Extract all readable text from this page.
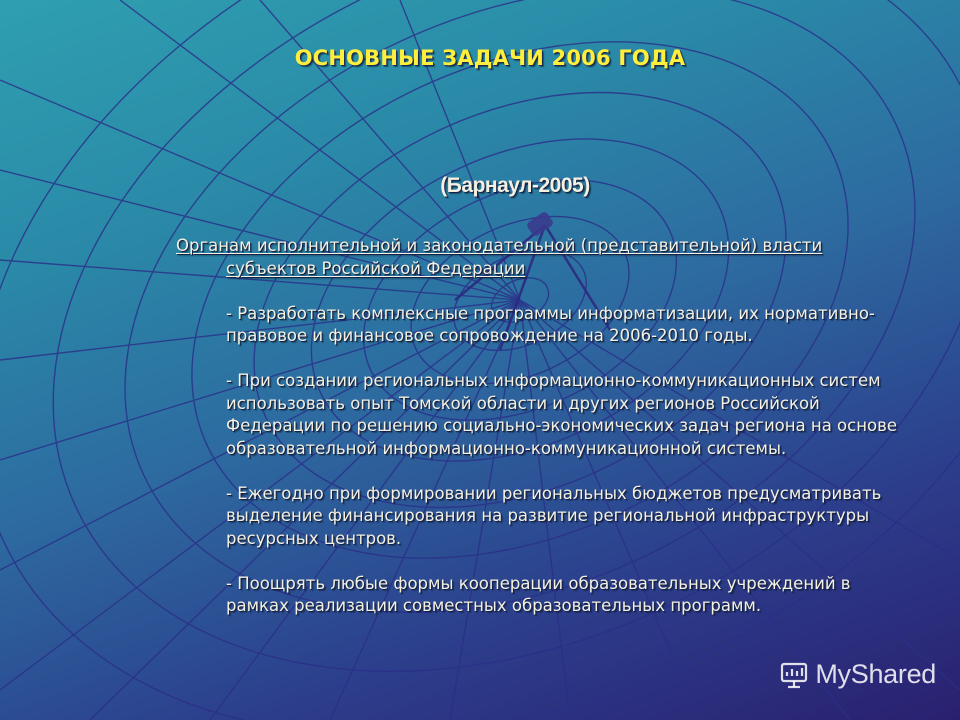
ОСНОВНЫЕ ЗАДАЧИ 2006 ГОДА
(Барнаул-2005)
Органам исполнительной и законодательной (представительной) власти субъектов Российской Федерации
- Разработать комплексные программы информатизации, их нормативно-правовое и финансовое сопровождение на 2006-2010 годы.
- При создании региональных информационно-коммуникационных систем использовать опыт Томской области и других регионов Российской Федерации по решению социально-экономических задач региона на основе образовательной информационно-коммуникационной системы.
- Ежегодно при формировании региональных бюджетов предусматривать выделение финансирования на развитие региональной инфраструктуры ресурсных центров.
- Поощрять любые формы кооперации образовательных учреждений в рамках реализации совместных образовательных программ.
MyShared
